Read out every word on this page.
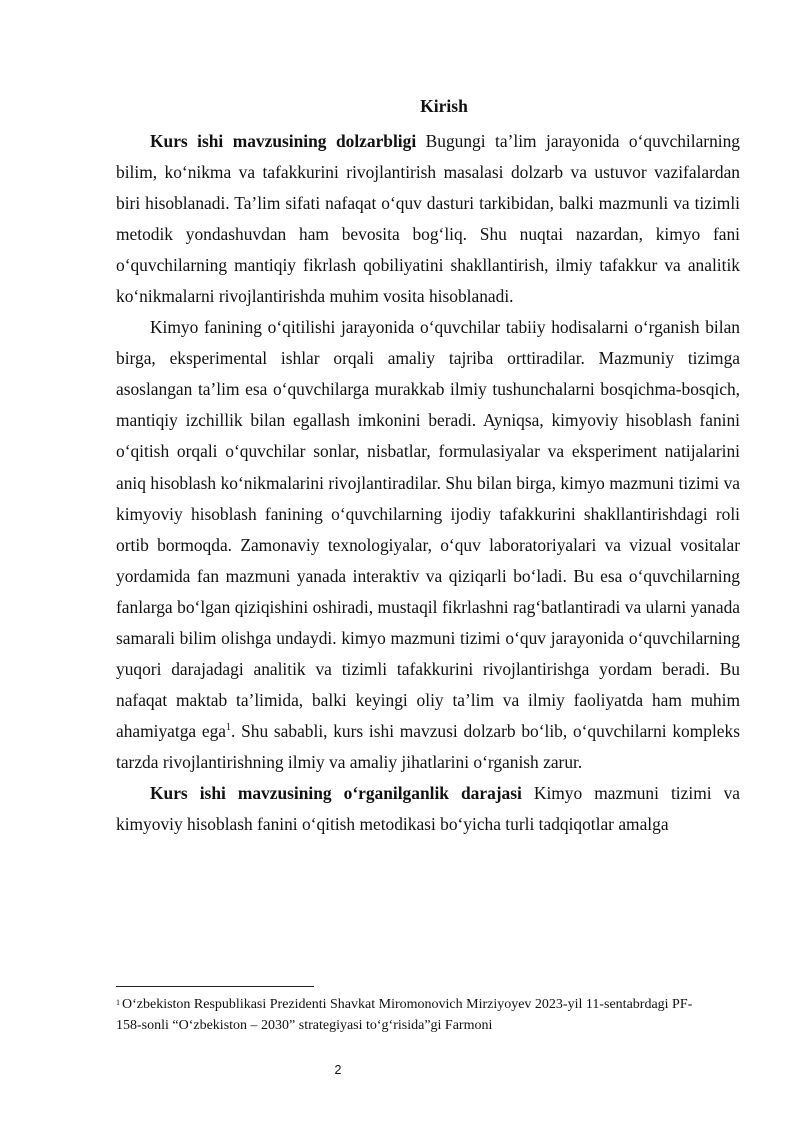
Kirish

Kurs ishi mavzusining dolzarbligi Bugungi ta’lim jarayonida o‘quvchilarning bilim, ko‘nikma va tafakkurini rivojlantirish masalasi dolzarb va ustuvor vazifalardan biri hisoblanadi. Ta’lim sifati nafaqat o‘quv dasturi tarkibidan, balki mazmunli va tizimli metodik yondashuvdan ham bevosita bog‘liq. Shu nuqtai nazardan, kimyo fani o‘quvchilarning mantiqiy fikrlash qobiliyatini shakllantirish, ilmiy tafakkur va analitik ko‘nikmalarni rivojlantirishda muhim vosita hisoblanadi.

Kimyo fanining o‘qitilishi jarayonida o‘quvchilar tabiiy hodisalarni o‘rganish bilan birga, eksperimental ishlar orqali amaliy tajriba orttiradilar. Mazmuniy tizimga asoslangan ta’lim esa o‘quvchilarga murakkab ilmiy tushunchalarni bosqichma-bosqich, mantiqiy izchillik bilan egallash imkonini beradi. Ayniqsa, kimyoviy hisoblash fanini o‘qitish orqali o‘quvchilar sonlar, nisbatlar, formulasiyalar va eksperiment natijalarini aniq hisoblash ko‘nikmalarini rivojlantiradilar. Shu bilan birga, kimyo mazmuni tizimi va kimyoviy hisoblash fanining o‘quvchilarning ijodiy tafakkurini shakllantirishdagi roli ortib bormoqda. Zamonaviy texnologiyalar, o‘quv laboratoriyalari va vizual vositalar yordamida fan mazmuni yanada interaktiv va qiziqarli bo‘ladi. Bu esa o‘quvchilarning fanlarga bo‘lgan qiziqishini oshiradi, mustaqil fikrlashni rag‘batlantiradi va ularni yanada samarali bilim olishga undaydi. kimyo mazmuni tizimi o‘quv jarayonida o‘quvchilarning yuqori darajadagi analitik va tizimli tafakkurini rivojlantirishga yordam beradi. Bu nafaqat maktab ta’limida, balki keyingi oliy ta’lim va ilmiy faoliyatda ham muhim ahamiyatga ega$^1$. Shu sababli, kurs ishi mavzusi dolzarb bo‘lib, o‘quvchilarni kompleks tarzda rivojlantirishning ilmiy va amaliy jihatlarini o‘rganish zarur.

Kurs ishi mavzusining o‘rganilganlik darajasi Kimyo mazmuni tizimi va kimyoviy hisoblash fanini o‘qitish metodikasi bo‘yicha turli tadqiqotlar amalga

$^1$ O‘zbekiston Respublikasi Prezidenti Shavkat Miromonovich Mirziyoyev 2023-yil 11-sentabrdagi PF-158-sonli “O‘zbekiston – 2030” strategiyasi to‘g‘risida”gi Farmoni

2
